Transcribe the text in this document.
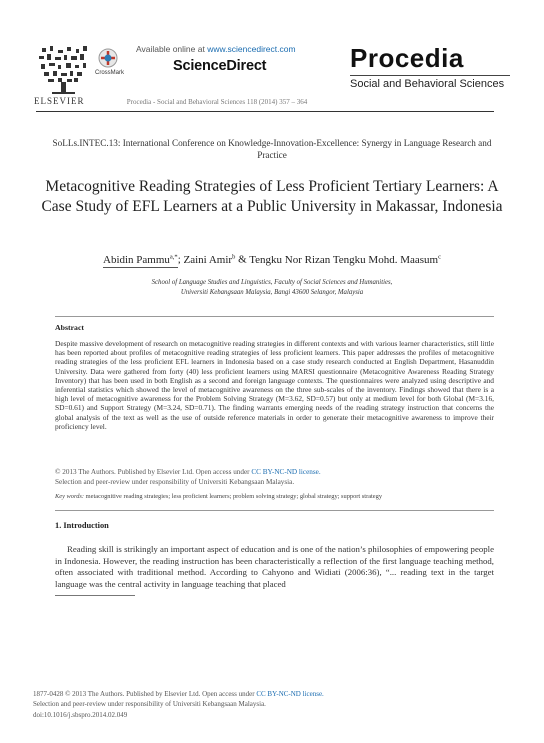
ELSEVIER
CrossMark
Available online at www.sciencedirect.com
ScienceDirect
Procedia - Social and Behavioral Sciences 118 (2014) 357 – 364
Procedia
Social and Behavioral Sciences
SoLLs.INTEC.13: International Conference on Knowledge-Innovation-Excellence: Synergy in Language Research and Practice
Metacognitive Reading Strategies of Less Proficient Tertiary Learners: A Case Study of EFL Learners at a Public University in Makassar, Indonesia
Abidin Pammu$^{a,*}$; Zaini Amir$^b$ & Tengku Nor Rizan Tengku Mohd. Maasum$^c$
School of Language Studies and Linguistics, Faculty of Social Sciences and Humanities,
Universiti Kebangsaan Malaysia, Bangi 43600 Selangor, Malaysia
Abstract
Despite massive development of research on metacognitive reading strategies in different contexts and with various learner characteristics, still little has been reported about profiles of metacognitive reading strategies of less proficient learners. This paper addresses the profiles of metacognitive reading strategies of the less proficient EFL learners in Indonesia based on a case study research conducted at English Department, Hasanuddin University. Data were gathered from forty (40) less proficient learners using MARSI questionnaire (Metacognitive Awareness Reading Strategy Inventory) that has been used in both English as a second and foreign language contexts. The questionnaires were analyzed using descriptive and inferential statistics which showed the level of metacognitive awareness on the three sub-scales of the inventory. Findings showed that there is a high level of metacognitive awareness for the Problem Solving Strategy (M=3.62, SD=0.57) but only at medium level for both Global (M=3.16, SD=0.61) and Support Strategy (M=3.24, SD=0.71). The finding warrants emerging needs of the reading strategy instruction that concerns the global analysis of the text as well as the use of outside reference materials in order to generate their metacognitive awareness to improve their proficiency level.
© 2013 The Authors. Published by Elsevier Ltd. Open access under CC BY-NC-ND license.
Selection and peer-review under responsibility of Universiti Kebangsaan Malaysia.
Key words: metacognitive reading strategies; less proficient learners; problem solving strategy; global strategy; support strategy
1. Introduction
Reading skill is strikingly an important aspect of education and is one of the nation’s philosophies of empowering people in Indonesia. However, the reading instruction has been characteristically a reflection of the first language teaching method, often associated with traditional method. According to Cahyono and Widiati (2006:36), “... reading text in the target language was the central activity in language teaching that placed
1877-0428 © 2013 The Authors. Published by Elsevier Ltd. Open access under CC BY-NC-ND license.
Selection and peer-review under responsibility of Universiti Kebangsaan Malaysia.
doi:10.1016/j.sbspro.2014.02.049
